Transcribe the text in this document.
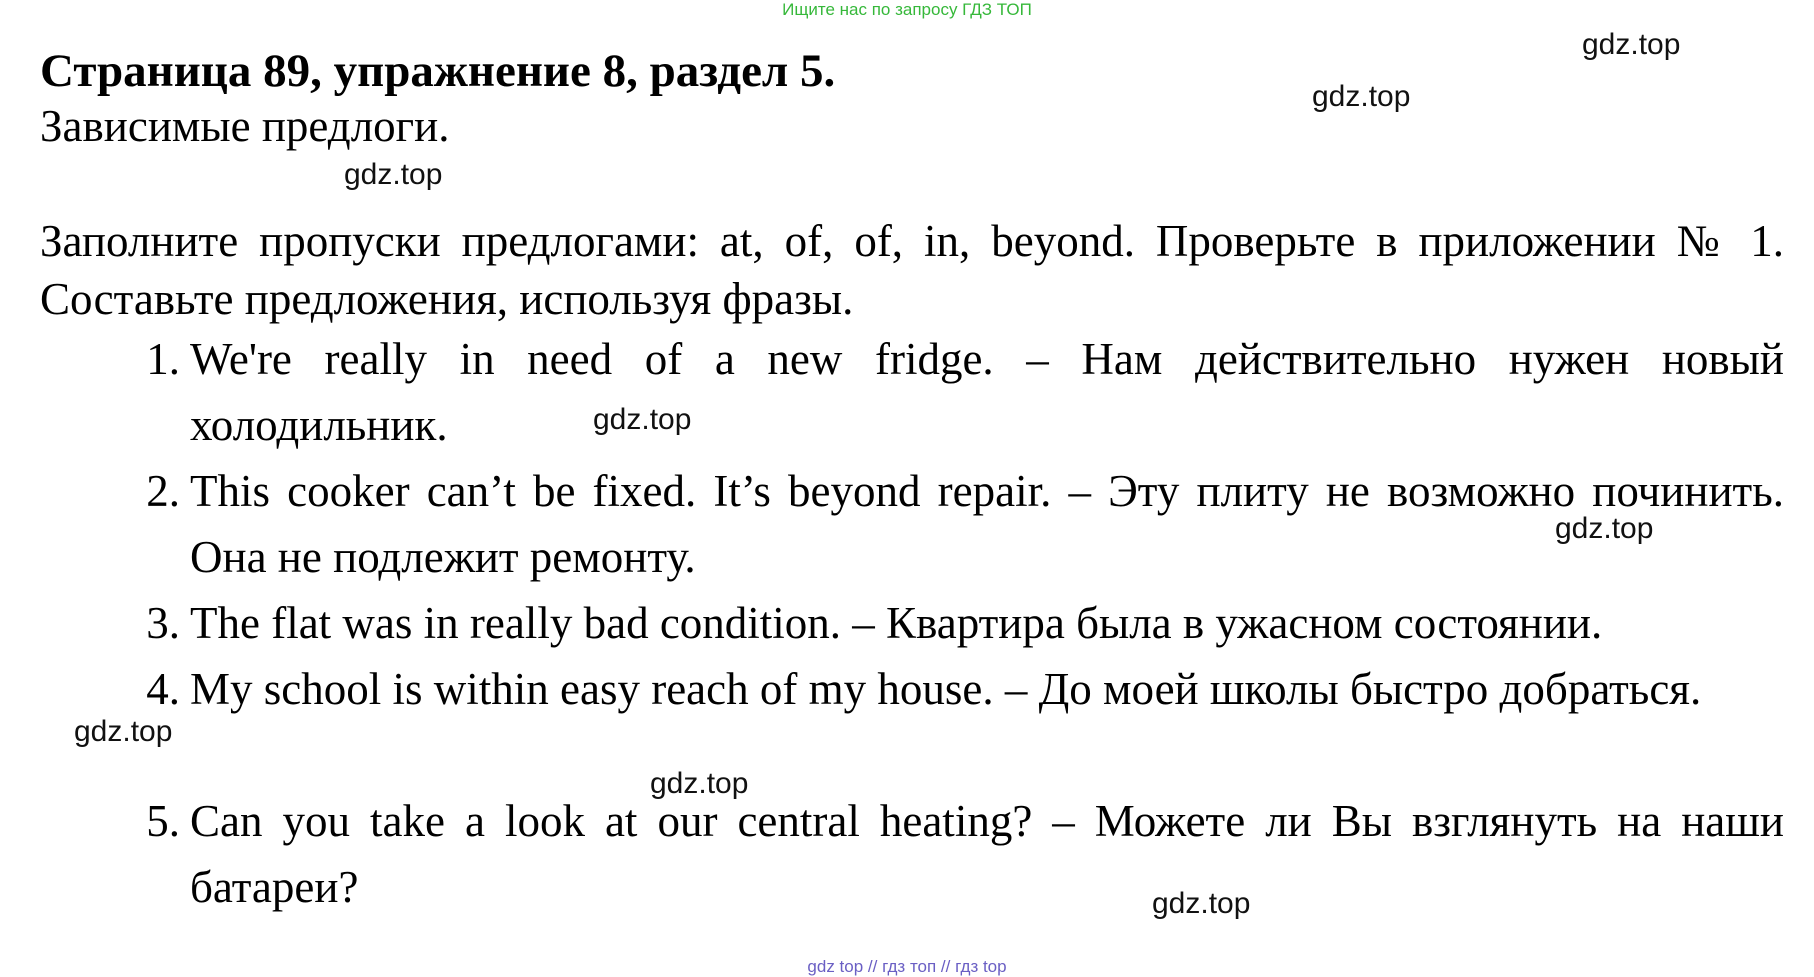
Ищите нас по запросу ГДЗ ТОП
Страница 89, упражнение 8, раздел 5.
Зависимые предлоги.
Заполните пропуски предлогами: at, of, of, in, beyond. Проверьте в приложении № 1. Составьте предложения, используя фразы.
1. We're really in need of a new fridge. – Нам действительно нужен новый холодильник.
2. This cooker can’t be fixed. It’s beyond repair. – Эту плиту не возможно починить. Она не подлежит ремонту.
3. The flat was in really bad condition. – Квартира была в ужасном состоянии.
4. My school is within easy reach of my house. – До моей школы быстро добраться.
5. Can you take a look at our central heating? – Можете ли Вы взглянуть на наши батареи?
gdz.top
gdz.top
gdz.top
gdz.top
gdz.top
gdz.top
gdz.top
gdz.top
gdz top // гдз топ // гдз top
